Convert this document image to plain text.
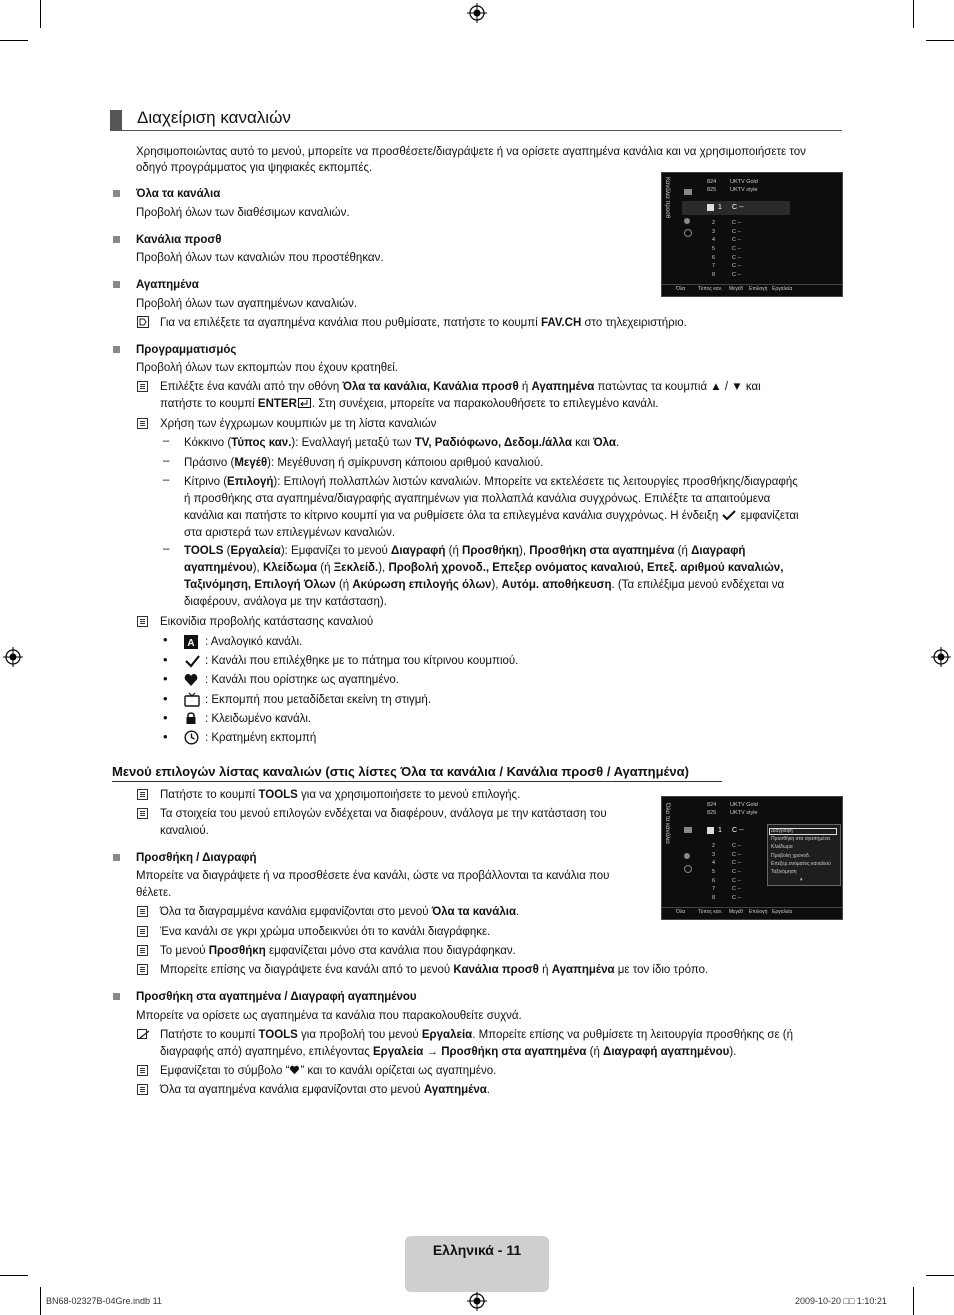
Διαχείριση καναλιών
Χρησιμοποιώντας αυτό το μενού, μπορείτε να προσθέσετε/διαγράψετε ή να ορίσετε αγαπημένα κανάλια και να χρησιμοποιήσετε τον οδηγό προγράμματος για ψηφιακές εκπομπές.
Όλα τα κανάλια
Προβολή όλων των διαθέσιμων καναλιών.
Κανάλια προσθ
Προβολή όλων των καναλιών που προστέθηκαν.
Αγαπημένα
Προβολή όλων των αγαπημένων καναλιών.
Για να επιλέξετε τα αγαπημένα κανάλια που ρυθμίσατε, πατήστε το κουμπί FAV.CH στο τηλεχειριστήριο.
Προγραμματισμός
Προβολή όλων των εκπομπών που έχουν κρατηθεί.
Επιλέξτε ένα κανάλι από την οθόνη Όλα τα κανάλια, Κανάλια προσθ ή Αγαπημένα πατώντας τα κουμπιά ▲ / ▼ και
πατήστε το κουμπί ENTER . Στη συνέχεια, μπορείτε να παρακολουθήσετε το επιλεγμένο κανάλι.
Χρήση των έγχρωμων κουμπιών με τη λίστα καναλιών
– Κόκκινο (Τύπος καν.): Εναλλαγή μεταξύ των TV, Ραδιόφωνο, Δεδομ./άλλα και Όλα.
– Πράσινο (Μεγέθ): Μεγέθυνση ή σμίκρυνση κάποιου αριθμού καναλιού.
– Κίτρινο (Επιλογή): Επιλογή πολλαπλών λιστών καναλιών. Μπορείτε να εκτελέσετε τις λειτουργίες προσθήκης/διαγραφής
ή προσθήκης στα αγαπημένα/διαγραφής αγαπημένων για πολλαπλά κανάλια συγχρόνως. Επιλέξτε τα απαιτούμενα
κανάλια και πατήστε το κίτρινο κουμπί για να ρυθμίσετε όλα τα επιλεγμένα κανάλια συγχρόνως. Η ένδειξη εμφανίζεται
στα αριστερά των επιλεγμένων καναλιών.
– TOOLS (Εργαλεία): Εμφανίζει το μενού Διαγραφή (ή Προσθήκη), Προσθήκη στα αγαπημένα (ή Διαγραφή
αγαπημένου), Κλείδωμα (ή Ξεκλείδ.), Προβολή χρονοδ., Επεξερ ονόματος καναλιού, Επεξ. αριθμού καναλιών,
Ταξινόμηση, Επιλογή Όλων (ή Ακύρωση επιλογής όλων), Αυτόμ. αποθήκευση. (Τα επιλέξιμα μενού ενδέχεται να
διαφέρουν, ανάλογα με την κατάσταση).
Εικονίδια προβολής κατάστασης καναλιού
• A : Αναλογικό κανάλι.
•	: Κανάλι που επιλέχθηκε με το πάτημα του κίτρινου κουμπιού.
•	: Κανάλι που ορίστηκε ως αγαπημένο.
•	: Εκπομπή που μεταδίδεται εκείνη τη στιγμή.
•	: Κλειδωμένο κανάλι.
•	: Κρατημένη εκπομπή
Μενού επιλογών λίστας καναλιών (στις λίστες Όλα τα κανάλια / Κανάλια προσθ / Αγαπημένα)
Πατήστε το κουμπί TOOLS για να χρησιμοποιήσετε το μενού επιλογής.
Τα στοιχεία του μενού επιλογών ενδέχεται να διαφέρουν, ανάλογα με την κατάσταση του
καναλιού.
Προσθήκη / Διαγραφή
Μπορείτε να διαγράψετε ή να προσθέσετε ένα κανάλι, ώστε να προβάλλονται τα κανάλια που
θέλετε.
Όλα τα διαγραμμένα κανάλια εμφανίζονται στο μενού Όλα τα κανάλια.
Ένα κανάλι σε γκρι χρώμα υποδεικνύει ότι το κανάλι διαγράφηκε.
Το μενού Προσθήκη εμφανίζεται μόνο στα κανάλια που διαγράφηκαν.
Μπορείτε επίσης να διαγράψετε ένα κανάλι από το μενού Κανάλια προσθ ή Αγαπημένα με τον ίδιο τρόπο.
Προσθήκη στα αγαπημένα / Διαγραφή αγαπημένου
Μπορείτε να ορίσετε ως αγαπημένα τα κανάλια που παρακολουθείτε συχνά.
Πατήστε το κουμπί TOOLS για προβολή του μενού Εργαλεία. Μπορείτε επίσης να ρυθμίσετε τη λειτουργία προσθήκης σε (ή
διαγραφής από) αγαπημένο, επιλέγοντας Εργαλεία → Προσθήκη στα αγαπημένα (ή Διαγραφή αγαπημένου).
Εμφανίζεται το σύμβολο “ ” και το κανάλι ορίζεται ως αγαπημένο.
Όλα τα αγαπημένα κανάλια εμφανίζονται στο μενού Αγαπημένα.
Κανάλια προσθ	824	UKTV Gold
825	UKTV style
1 C --
2	C --
3	C --
4	C --
5	C --
6	C --
7	C --
8	C --
Όλα	Τύπος καν. Μεγέθ Επιλογή Εργαλεία
Όλα τα κανάλια	824	UKTV Gold
825	UKTV style
1 C --
2	C --
3	C --
4	C --
5	C --
6	C --
7	C --
8	C --
Διαγραφή
Προσθήκη στα αγαπημένα
Κλείδωμα
Προβολή χρονοδ.
Επεξερ.ονόματος καναλιού
Ταξινόμηση
▾
Όλα	Τύπος καν. Μεγέθ Επιλογή Εργαλεία
Ελληνικά - 11
BN68-02327B-04Gre.indb 11	2009-10-20 □□ 1:10:21
